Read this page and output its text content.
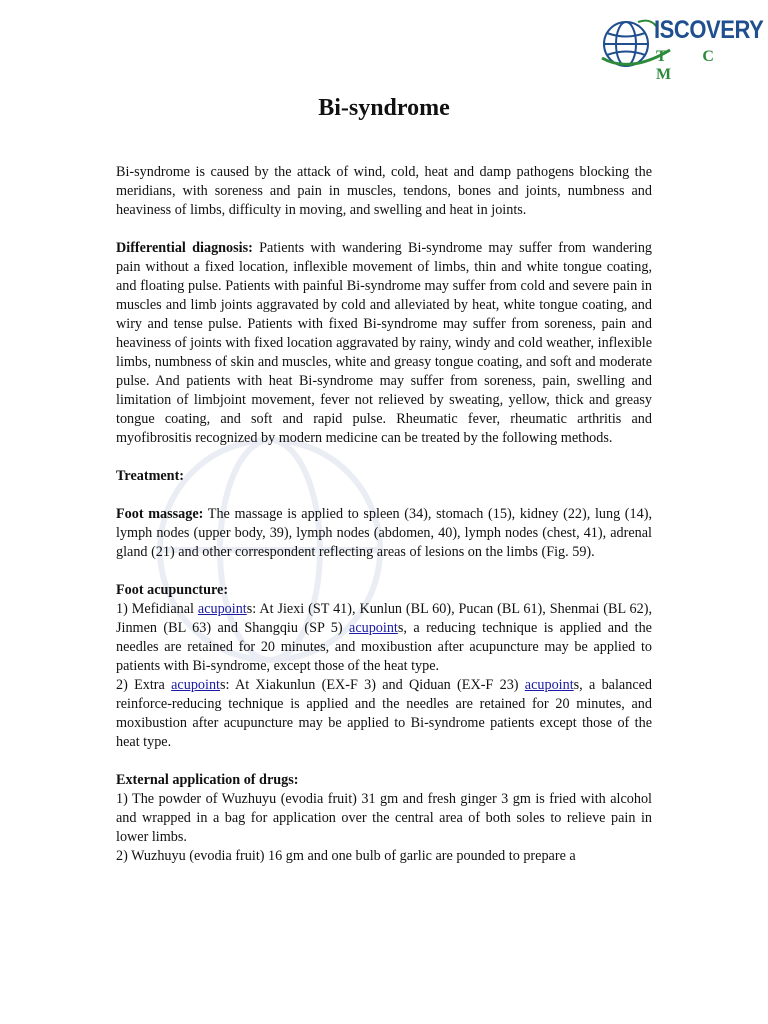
ISCOVERY
T C M
Bi-syndrome

Bi-syndrome is caused by the attack of wind, cold, heat and damp pathogens blocking the meridians, with soreness and pain in muscles, tendons, bones and joints, numbness and heaviness of limbs, difficulty in moving, and swelling and heat in joints.

Differential diagnosis: Patients with wandering Bi-syndrome may suffer from wandering pain without a fixed location, inflexible movement of limbs, thin and white tongue coating, and floating pulse. Patients with painful Bi-syndrome may suffer from cold and severe pain in muscles and limb joints aggravated by cold and alleviated by heat, white tongue coating, and wiry and tense pulse. Patients with fixed Bi-syndrome may suffer from soreness, pain and heaviness of joints with fixed location aggravated by rainy, windy and cold weather, inflexible limbs, numbness of skin and muscles, white and greasy tongue coating, and soft and moderate pulse. And patients with heat Bi-syndrome may suffer from soreness, pain, swelling and limitation of limbjoint movement, fever not relieved by sweating, yellow, thick and greasy tongue coating, and soft and rapid pulse. Rheumatic fever, rheumatic arthritis and myofibrositis recognized by modern medicine can be treated by the following methods.

Treatment:

Foot massage: The massage is applied to spleen (34), stomach (15), kidney (22), lung (14), lymph nodes (upper body, 39), lymph nodes (abdomen, 40), lymph nodes (chest, 41), adrenal gland (21) and other correspondent reflecting areas of lesions on the limbs (Fig. 59).

Foot acupuncture:

1) Mefidianal acupoints: At Jiexi (ST 41), Kunlun (BL 60), Pucan (BL 61), Shenmai (BL 62), Jinmen (BL 63) and Shangqiu (SP 5) acupoints, a reducing technique is applied and the needles are retained for 20 minutes, and moxibustion after acupuncture may be applied to patients with Bi-syndrome, except those of the heat type.

2) Extra acupoints: At Xiakunlun (EX-F 3) and Qiduan (EX-F 23) acupoints, a balanced reinforce-reducing technique is applied and the needles are retained for 20 minutes, and moxibustion after acupuncture may be applied to Bi-syndrome patients except those of the heat type.

External application of drugs:

1) The powder of Wuzhuyu (evodia fruit) 31 gm and fresh ginger 3 gm is fried with alcohol and wrapped in a bag for application over the central area of both soles to relieve pain in lower limbs.

2) Wuzhuyu (evodia fruit) 16 gm and one bulb of garlic are pounded to prepare a
